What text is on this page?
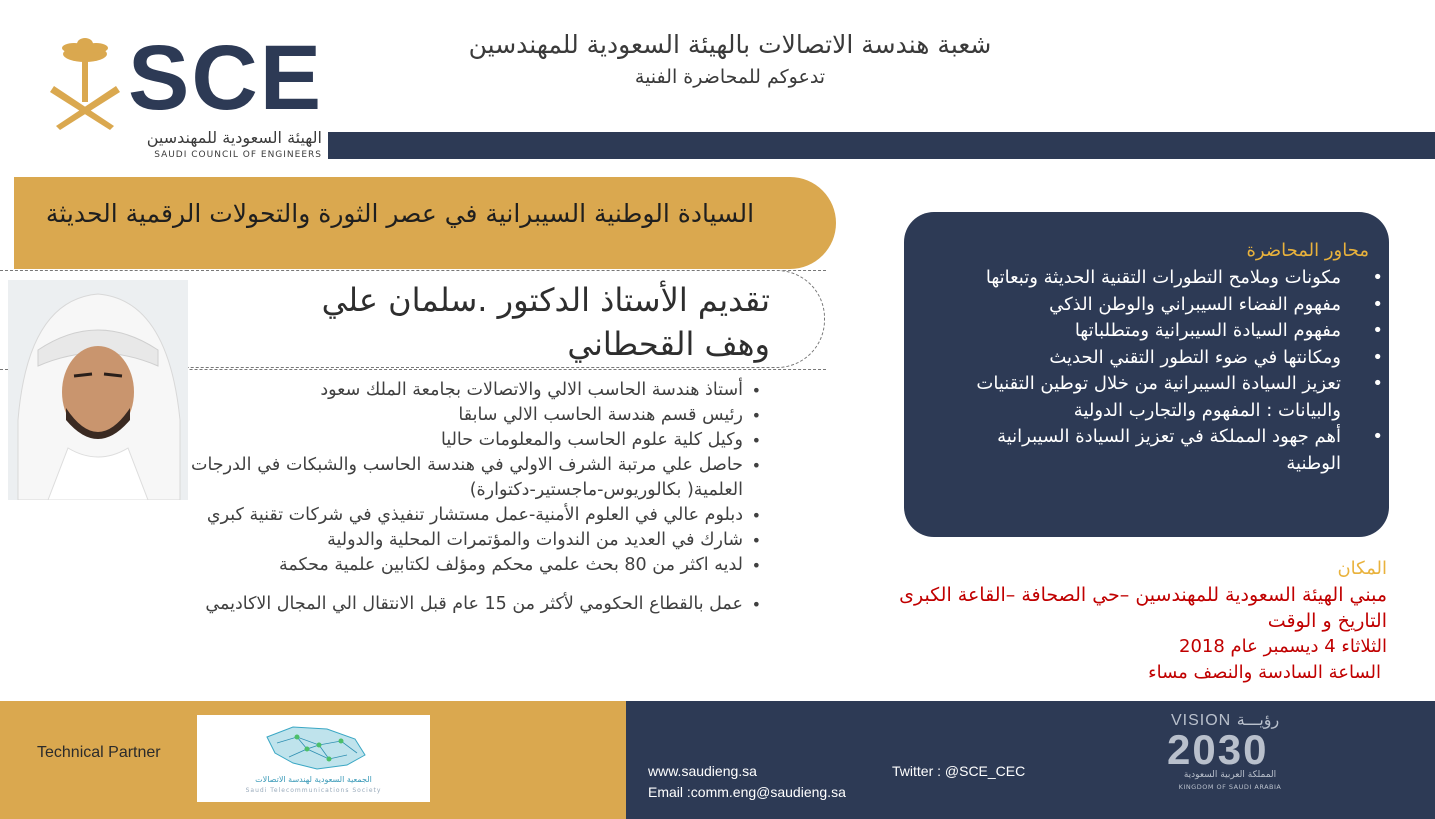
SCE
الهيئة السعودية للمهندسين
SAUDI COUNCIL OF ENGINEERS
شعبة هندسة الاتصالات بالهيئة السعودية للمهندسين
تدعوكم للمحاضرة الفنية
السيادة الوطنية السيبرانية في عصر الثورة والتحولات الرقمية الحديثة
تقديم الأستاذ الدكتور .سلمان علي
وهف القحطاني
• أستاذ هندسة الحاسب الالي والاتصالات بجامعة الملك سعود
• رئيس قسم هندسة الحاسب الالي سابقا
• وكيل كلية علوم الحاسب والمعلومات حاليا
• حاصل علي مرتبة الشرف الاولي في هندسة الحاسب والشبكات في الدرجات العلمية( بكالوريوس-ماجستير-دكتوارة)
• دبلوم عالي في العلوم الأمنية-عمل مستشار تنفيذي في شركات تقنية كبري
• شارك في العديد من الندوات والمؤتمرات المحلية والدولية
• لديه اكثر من 80 بحث علمي محكم ومؤلف لكتابين علمية محكمة
• عمل بالقطاع الحكومي لأكثر من 15 عام قبل الانتقال الي المجال الاكاديمي
محاور المحاضرة
• مكونات وملامح التطورات التقنية الحديثة وتبعاتها
• مفهوم الفضاء السيبراني والوطن الذكي
• مفهوم السيادة السيبرانية ومتطلباتها
• ومكانتها في ضوء التطور التقني الحديث
• تعزيز السيادة السيبرانية من خلال توطين التقنيات والبيانات : المفهوم والتجارب الدولية
• أهم جهود المملكة في تعزيز السيادة السيبرانية الوطنية
المكان
مبني الهيئة السعودية للمهندسين –حي الصحافة –القاعة الكبرى
التاريخ و الوقت
الثلاثاء 4 ديسمبر عام 2018
الساعة السادسة والنصف مساء
Technical Partner
الجمعية السعودية لهندسة الاتصالات
Saudi Telecommunications Society
www.saudieng.sa
Email :comm.eng@saudieng.sa
Twitter : @SCE_CEC
VISION رؤيـــة
2030
المملكة العربية السعودية
KINGDOM OF SAUDI ARABIA
